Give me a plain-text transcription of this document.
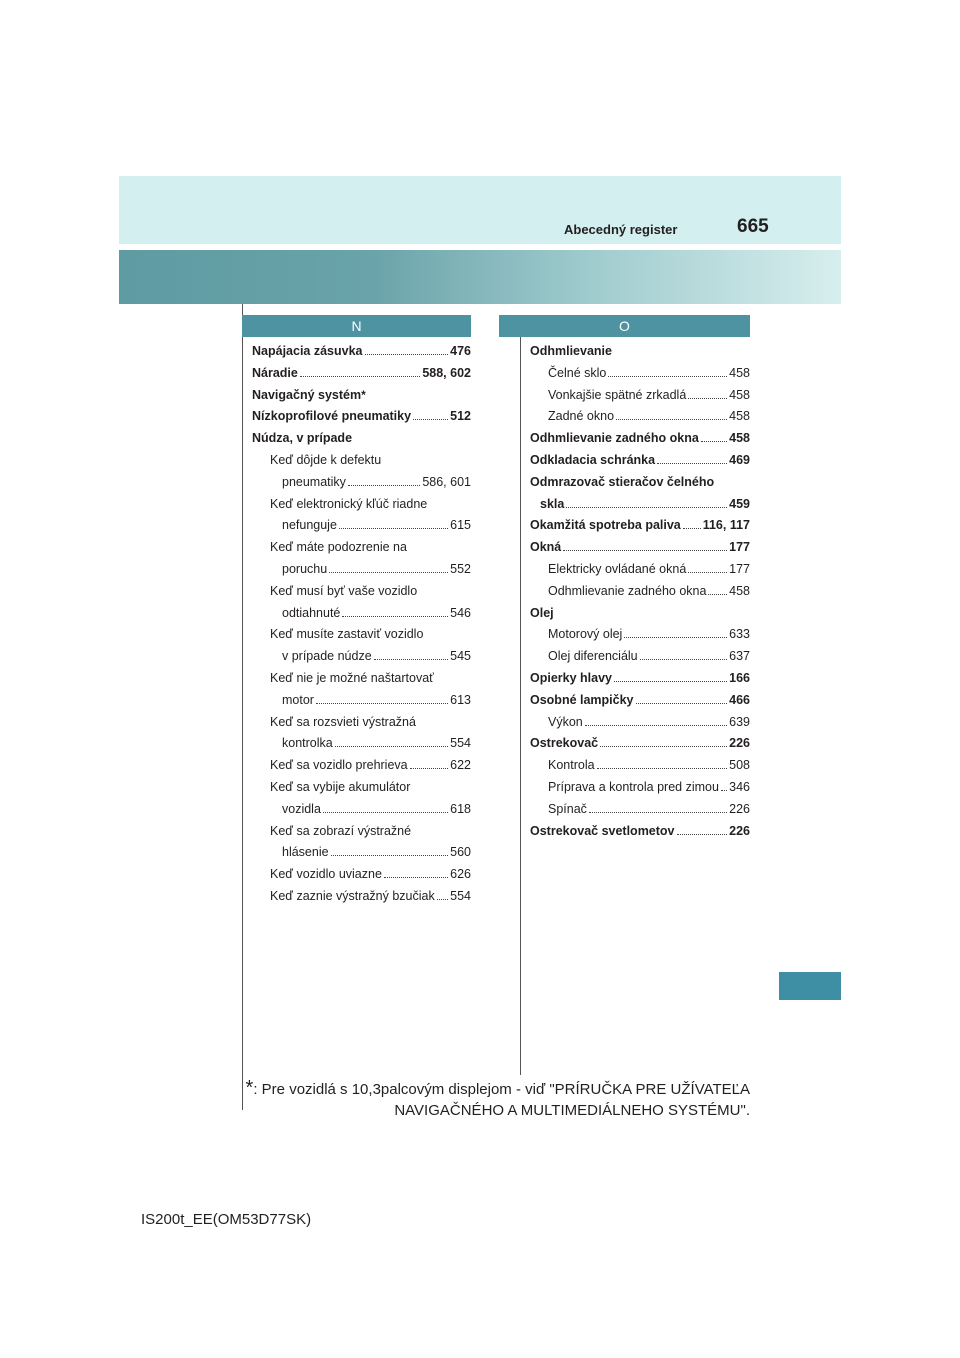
Abecedný register	665
N	O
Napájacia zásuvka	476
Náradie	588, 602
Navigačný systém *
Nízkoprofilové pneumatiky	512
Núdza, v prípade
Keď dôjde k defektu
pneumatiky	586, 601
Keď elektronický kľúč riadne
nefunguje	615
Keď máte podozrenie na
poruchu	552
Keď musí byť vaše vozidlo
odtiahnuté	546
Keď musíte zastaviť vozidlo
v prípade núdze	545
Keď nie je možné naštartovať
motor	613
Keď sa rozsvieti výstražná
kontrolka	554
Keď sa vozidlo prehrieva	622
Keď sa vybije akumulátor
vozidla	618
Keď sa zobrazí výstražné
hlásenie	560
Keď vozidlo uviazne	626
Keď zaznie výstražný bzučiak 554
Odhmlievanie
Čelné sklo	458
Vonkajšie spätné zrkadlá	458
Zadné okno	458
Odhmlievanie zadného okna 458
Odkladacia schránka	469
Odmrazovač stieračov čelného
skla	459
Okamžitá spotreba paliva 116, 117
Okná	177
Elektricky ovládané okná	177
Odhmlievanie zadného okna 458
Olej
Motorový olej	633
Olej diferenciálu	637
Opierky hlavy	166
Osobné lampičky	466
Výkon	639
Ostrekovač	226
Kontrola	508
Príprava a kontrola pred zimou 346
Spínač	226
Ostrekovač svetlometov	226
*: Pre vozidlá s 10,3palcovým displejom - viď "PRÍRUČKA PRE UŽÍVATEĽA
NAVIGAČNÉHO A MULTIMEDIÁLNEHO SYSTÉMU".
IS200t_EE(OM53D77SK)
